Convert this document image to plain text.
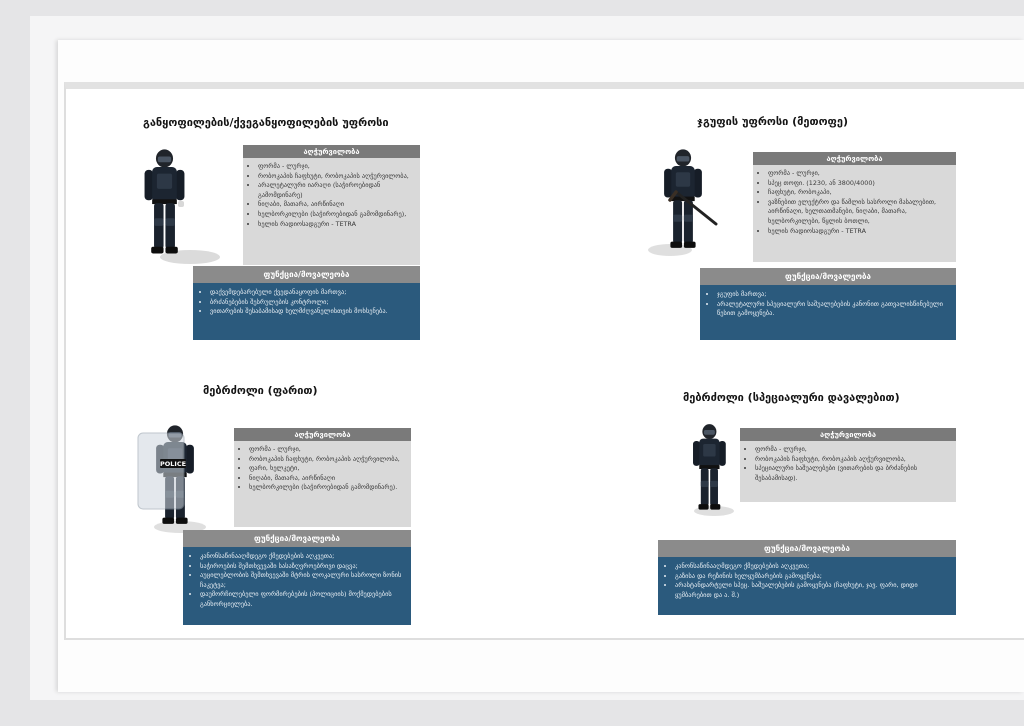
განყოფილების/ქვეგანყოფილების უფროსი
აღჭურვილობა
• ფორმა - ლურჯი,
• რობოკაპის ჩაფხუტი, რობოკაპის აღჭურვილობა,
• არალეტალური იარაღი (საჭიროებიდან გამომდინარე)
• ნიღაბი, მათარა, აირწინაღი
• ხელბორკილები (საჭიროებიდან გამომდინარე),
• ხელის რადიოსადგური - TETRA
ფუნქცია/მოვალეობა
• დაქვემდებარებული ქვედანაყოფის მართვა;
• ბრძანებების შესრულების კონტროლი;
• ვითარების შესაბამისად ხელმძღვანელისთვის მოხსენება.
ჯგუფის უფროსი (მეთოფე)
აღჭურვილობა
• ფორმა - ლურჯი,
• სპეც თოფი. (1230, ან 3800/4000)
• ჩაფხუტი, რობოკაპი,
• ვაზნებით ელექტრო და წამლის სასროლი მასალებით, აირწინაღი, ხელთათმანები, ნიღაბი, მათარა, ხელბორკილები, წყლის ბოთლი,
• ხელის რადიოსადგური - TETRA
ფუნქცია/მოვალეობა
• ჯგუფის მართვა;
• არალეტალური სპეციალური საშუალებების კანონით გათვალისწინებული წესით გამოყენება.
მებრძოლი (ფარით)
POLICE
აღჭურვილობა
• ფორმა - ლურჯი,
• რობოკაპის ჩაფხუტი, რობოკაპის აღჭურვილობა,
• ფარი, ხელკეტი,
• ნიღაბი, მათარა, აირწინაღი
• ხელბორკილები (საჭიროებიდან გამომდინარე).
ფუნქცია/მოვალეობა
• კანონსაწინააღმდეგო ქმედებების აღკვეთა;
• საჭიროების შემთხვევაში სასაზღვროებრივი დაცვა;
• აუცილებლობის შემთხვევაში მტრის ლოკალური სასროლი ზონის ჩაკეტვა;
• დაუმორჩილებელი ფორმირებების (პოლიციის) მოქმედებების განხორციელება.
მებრძოლი (სპეციალური დავალებით)
აღჭურვილობა
• ფორმა - ლურჯი,
• რობოკაპის ჩაფხუტი, რობოკაპის აღჭურვილობა,
• სპეციალური საშუალებები (ვითარების და ბრძანების შესაბამისად).
ფუნქცია/მოვალეობა
• კანონსაწინააღმდეგო ქმედებების აღკვეთა;
• გაზისა და რეზინის ხელყუმბარების გამოყენება;
• არასტანდარტული სპეც. საშუალებების გამოყენება (ჩაფხუტი, ჯავ. ფარი, დიდი ყუმბარებით და ა. შ.)
